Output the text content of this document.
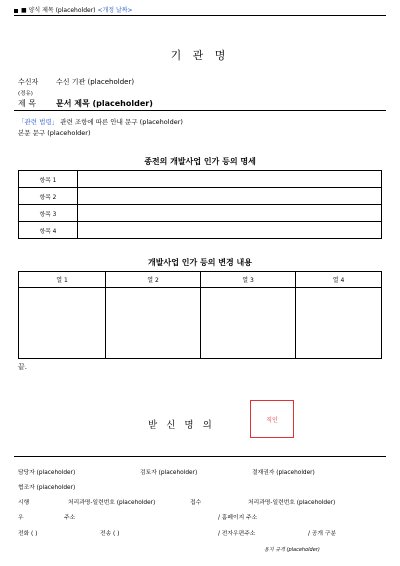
■ 양식 제목 (placeholder) <개정 날짜>
기 관 명
수신자	수신 기관 (placeholder)
(경유)
제 목	문서 제목 (placeholder)
「관련 법령」 관련 조항에 따른 안내 문구 (placeholder)
본문 문구 (placeholder)
종전의 개발사업 인가 등의 명세
항목 1	
항목 2	
항목 3	
항목 4	
개발사업 인가 등의 변경 내용
열 1	열 2	열 3	열 4

끝.
받 신 명 의	직인
담당자 (placeholder)	검토자 (placeholder)	결재권자 (placeholder)
협조자 (placeholder)
시행	처리과명-일련번호 (placeholder)	접수	처리과명-일련번호 (placeholder)
우	주소	/ 홈페이지 주소
전화 ( )	전송 ( )	/ 전자우편주소	/ 공개 구분
용지 규격 (placeholder)
